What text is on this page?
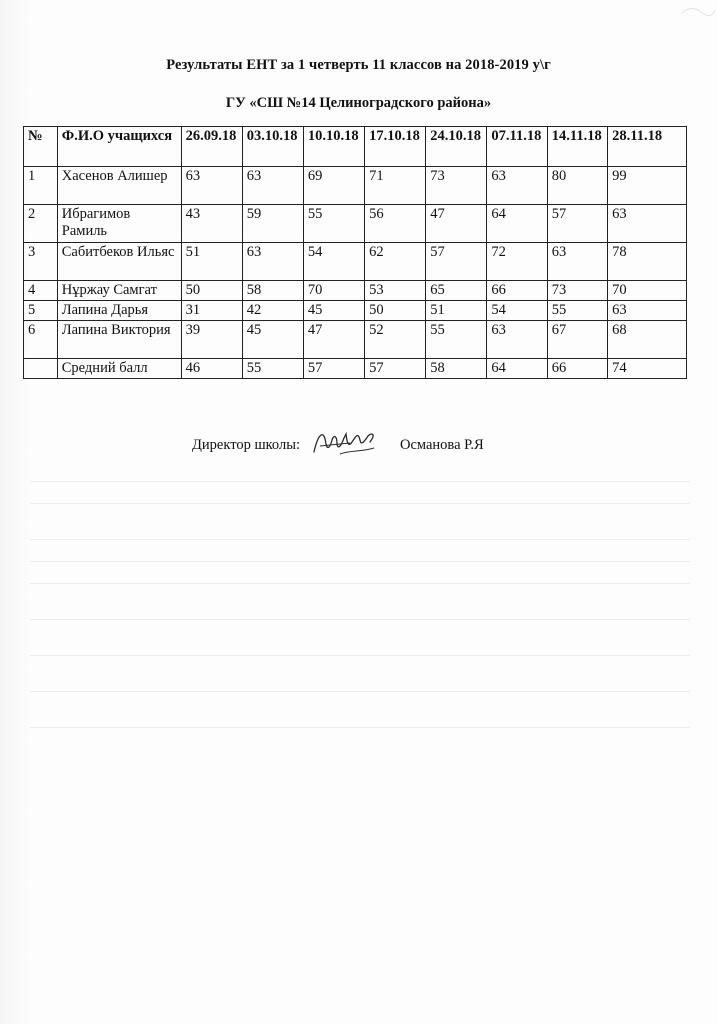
Результаты ЕНТ за 1 четверть 11 классов на 2018-2019 у\г
ГУ «СШ №14 Целиноградского района»
№	Ф.И.О учащихся	26.09.18	03.10.18	10.10.18	17.10.18	24.10.18	07.11.18	14.11.18	28.11.18
1	Хасенов Алишер	63	63	69	71	73	63	80	99
2	Ибрагимов Рамиль	43	59	55	56	47	64	57	63
3	Сабитбеков Ильяс	51	63	54	62	57	72	63	78
4	Нұржау Самгат	50	58	70	53	65	66	73	70
5	Лапина Дарья	31	42	45	50	51	54	55	63
6	Лапина Виктория	39	45	47	52	55	63	67	68
	Средний балл	46	55	57	57	58	64	66	74
Директор школы:	Османова Р.Я
